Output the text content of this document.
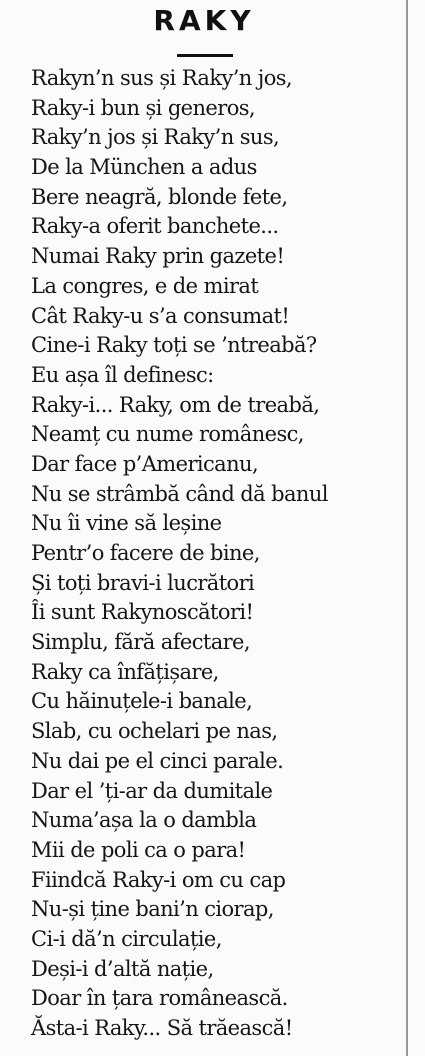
RAKY
Rakyn’n sus și Raky’n jos,
Raky-i bun și generos,
Raky’n jos și Raky’n sus,
De la München a adus
Bere neagră, blonde fete,
Raky-a oferit banchete...
Numai Raky prin gazete!
La congres, e de mirat
Cât Raky-u s’a consumat!
Cine-i Raky toți se ’ntreabă?
Eu așa îl definesc:
Raky-i... Raky, om de treabă,
Neamț cu nume românesc,
Dar face p’Americanu,
Nu se strâmbă când dă banul
Nu îi vine să leșine
Pentr’o facere de bine,
Și toți bravi-i lucrători
Îi sunt Rakynoscători!
Simplu, fără afectare,
Raky ca înfățișare,
Cu hăinuțele-i banale,
Slab, cu ochelari pe nas,
Nu dai pe el cinci parale.
Dar el ’ți-ar da dumitale
Numa’așa la o dambla
Mii de poli ca o para!
Fiindcă Raky-i om cu cap
Nu-și ține bani’n ciorap,
Ci-i dă’n circulație,
Deși-i d’altă nație,
Doar în țara românească.
Ăsta-i Raky... Să trăească!
